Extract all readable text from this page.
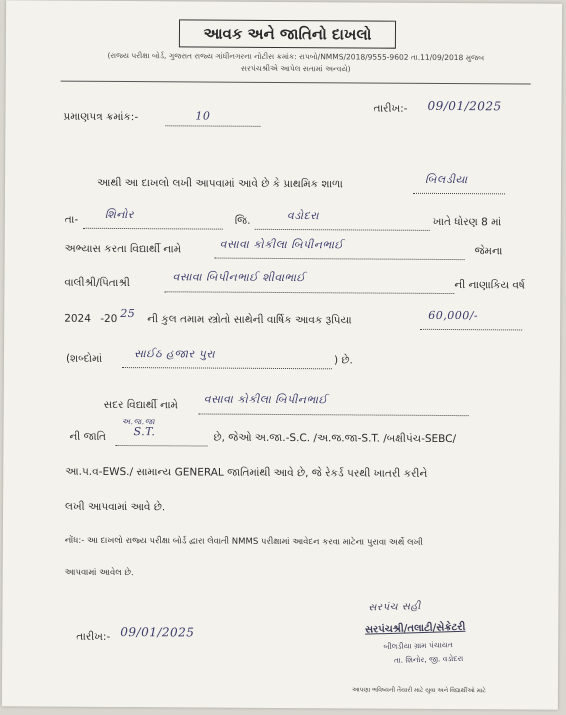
આવક અને જાતિનો દાખલો
(રાજ્ય પરીક્ષા બોર્ડ, ગુજરાત રાજ્ય ગાંધીનગરના નોટીસ ક્રમાંક: રાપબો/NMMS/2018/9555-9602 તા.11/09/2018 મુજબ
સરપંચશ્રીએ આપેલ સતામાં અન્વયે)
પ્રમાણપત્ર ક્રમાંક:-	10
તારીખ:- 09/01/2025
આથી આ દાખલો લખી આપવામાં આવે છે કે પ્રાથમિક શાળા	બિલડીયા
તા- શિનોર	જિ.	વડોદરા	ખાતે ધોરણ 8 માં
અભ્યાસ કરતા વિદ્યાર્થી નામે	વસાવા કોકીલા બિપીનભાઈ	જેમના
વાલીશ્રી/પિતાશ્રી	વસાવા બિપીનભાઈ શીવાભાઈ
ની નાણાકિય વર્ષ
2024 -20 25 ની કુલ તમામ સ્ત્રોતો સાથેની વાર્ષિક આવક રૂપિયા	60,000/-
(શબ્દોમાં	સાઈઠ હજાર પુરા	) છે.
સદર વિદ્યાર્થી નામે વસાવા કોકીલા બિપીનભાઈ
અ.જ.જા
ની જાતિ S.T.	છે, જેઓ અ.જા.-S.C. /અ.જ.જા-S.T. /બક્ષીપંચ-SEBC/
આ.પ.વ-EWS./ સામાન્ય GENERAL જાતિમાંથી આવે છે, જે રેકર્ડ પરથી ખાતરી કરીને
લખી આપવામાં આવે છે.
નોંધ:- આ દાખલો રાજ્ય પરીક્ષા બોર્ડ દ્વારા લેવાતી NMMS પરીક્ષામાં આવેદન કરવા માટેના પુરાવા અર્થે લખી
આપવામાં આવેલ છે.
તારીખ:- 09/01/2025
સરપંચ સહી
સરપંચશ્રી/તલાટી/સેક્રેટરી
બીલડીયા ગ્રામ પંચાયત
તા. શિનોર, જી. વડોદરા
આપણા ભવિષ્યની તૈયારી માટે યુવા અને વિદ્યાર્થીઓ માટે
